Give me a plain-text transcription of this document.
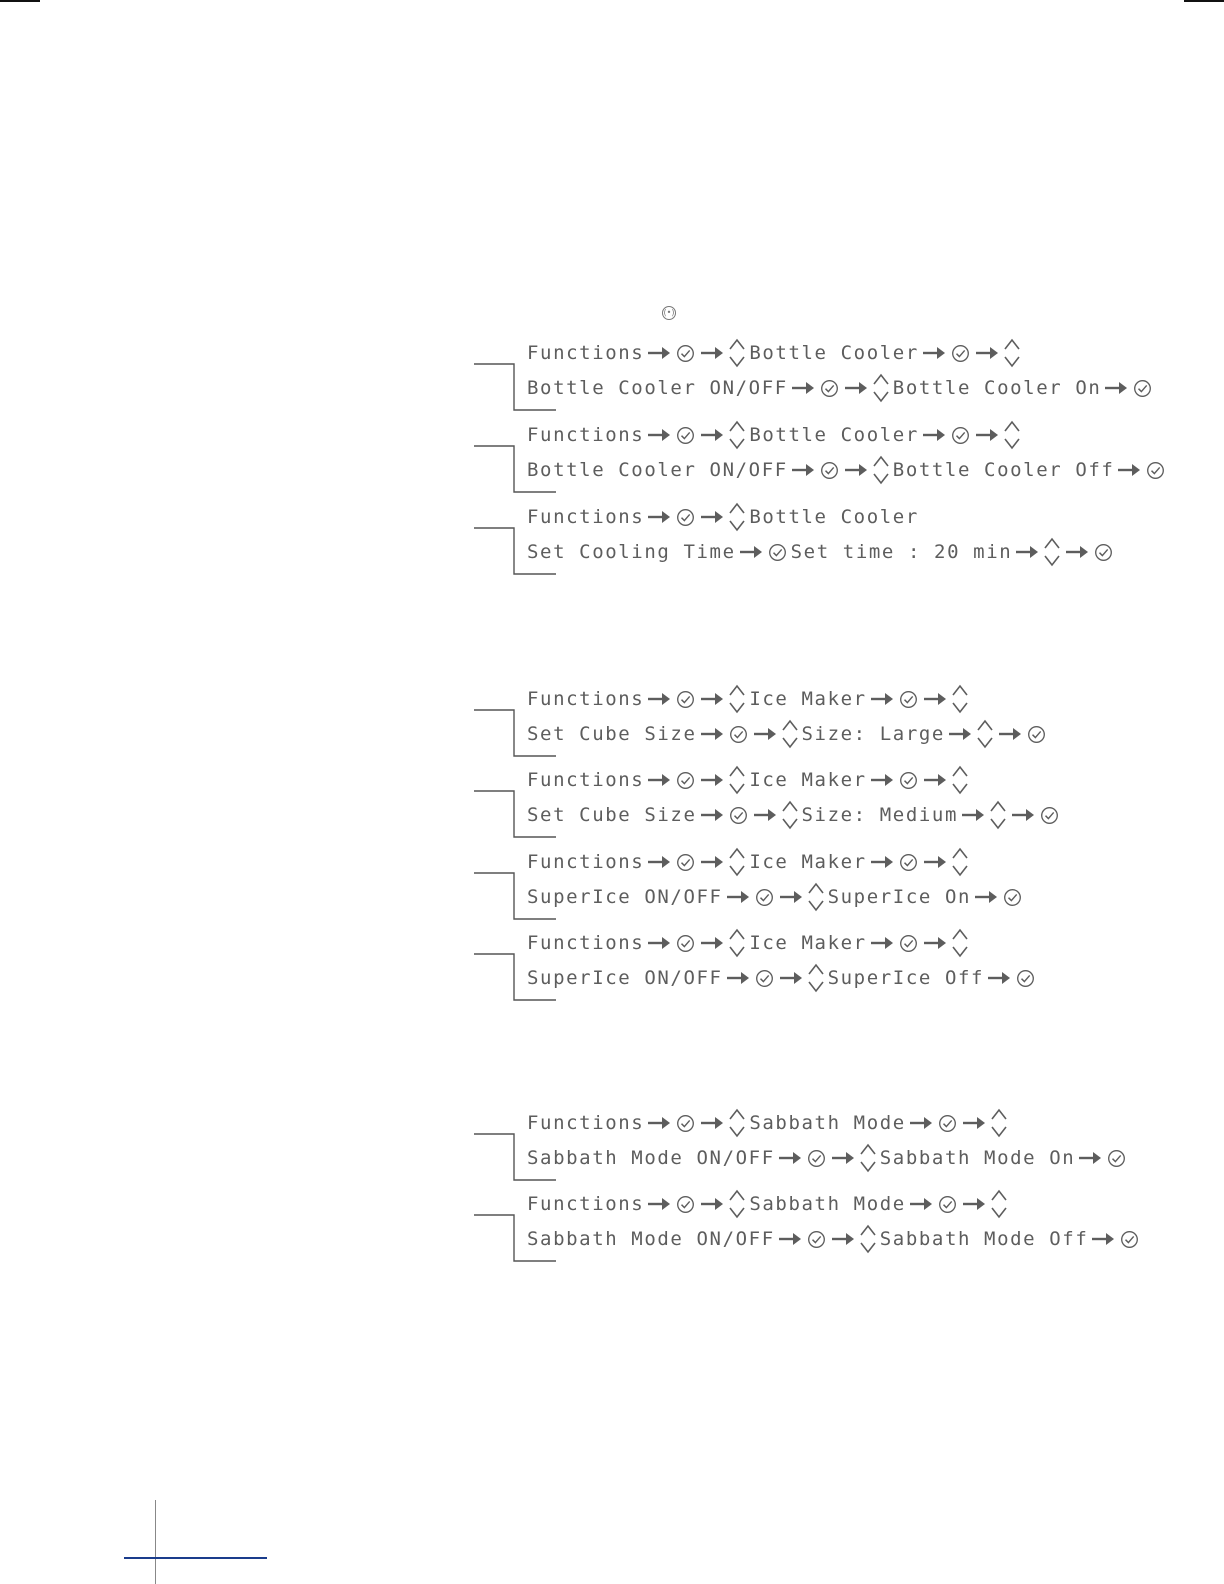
(•)
Functions	Bottle Cooler
Bottle Cooler ON/OFF	Bottle Cooler On
Functions	Bottle Cooler
Bottle Cooler ON/OFF	Bottle Cooler Off
Functions	Bottle Cooler
Set Cooling Time	Set time : 20 min
Functions	Ice Maker
Set Cube Size	Size: Large
Functions	Ice Maker
Set Cube Size	Size: Medium
Functions	Ice Maker
SuperIce ON/OFF	SuperIce On
Functions	Ice Maker
SuperIce ON/OFF	SuperIce Off
Functions	Sabbath Mode
Sabbath Mode ON/OFF	Sabbath Mode On
Functions	Sabbath Mode
Sabbath Mode ON/OFF	Sabbath Mode Off
